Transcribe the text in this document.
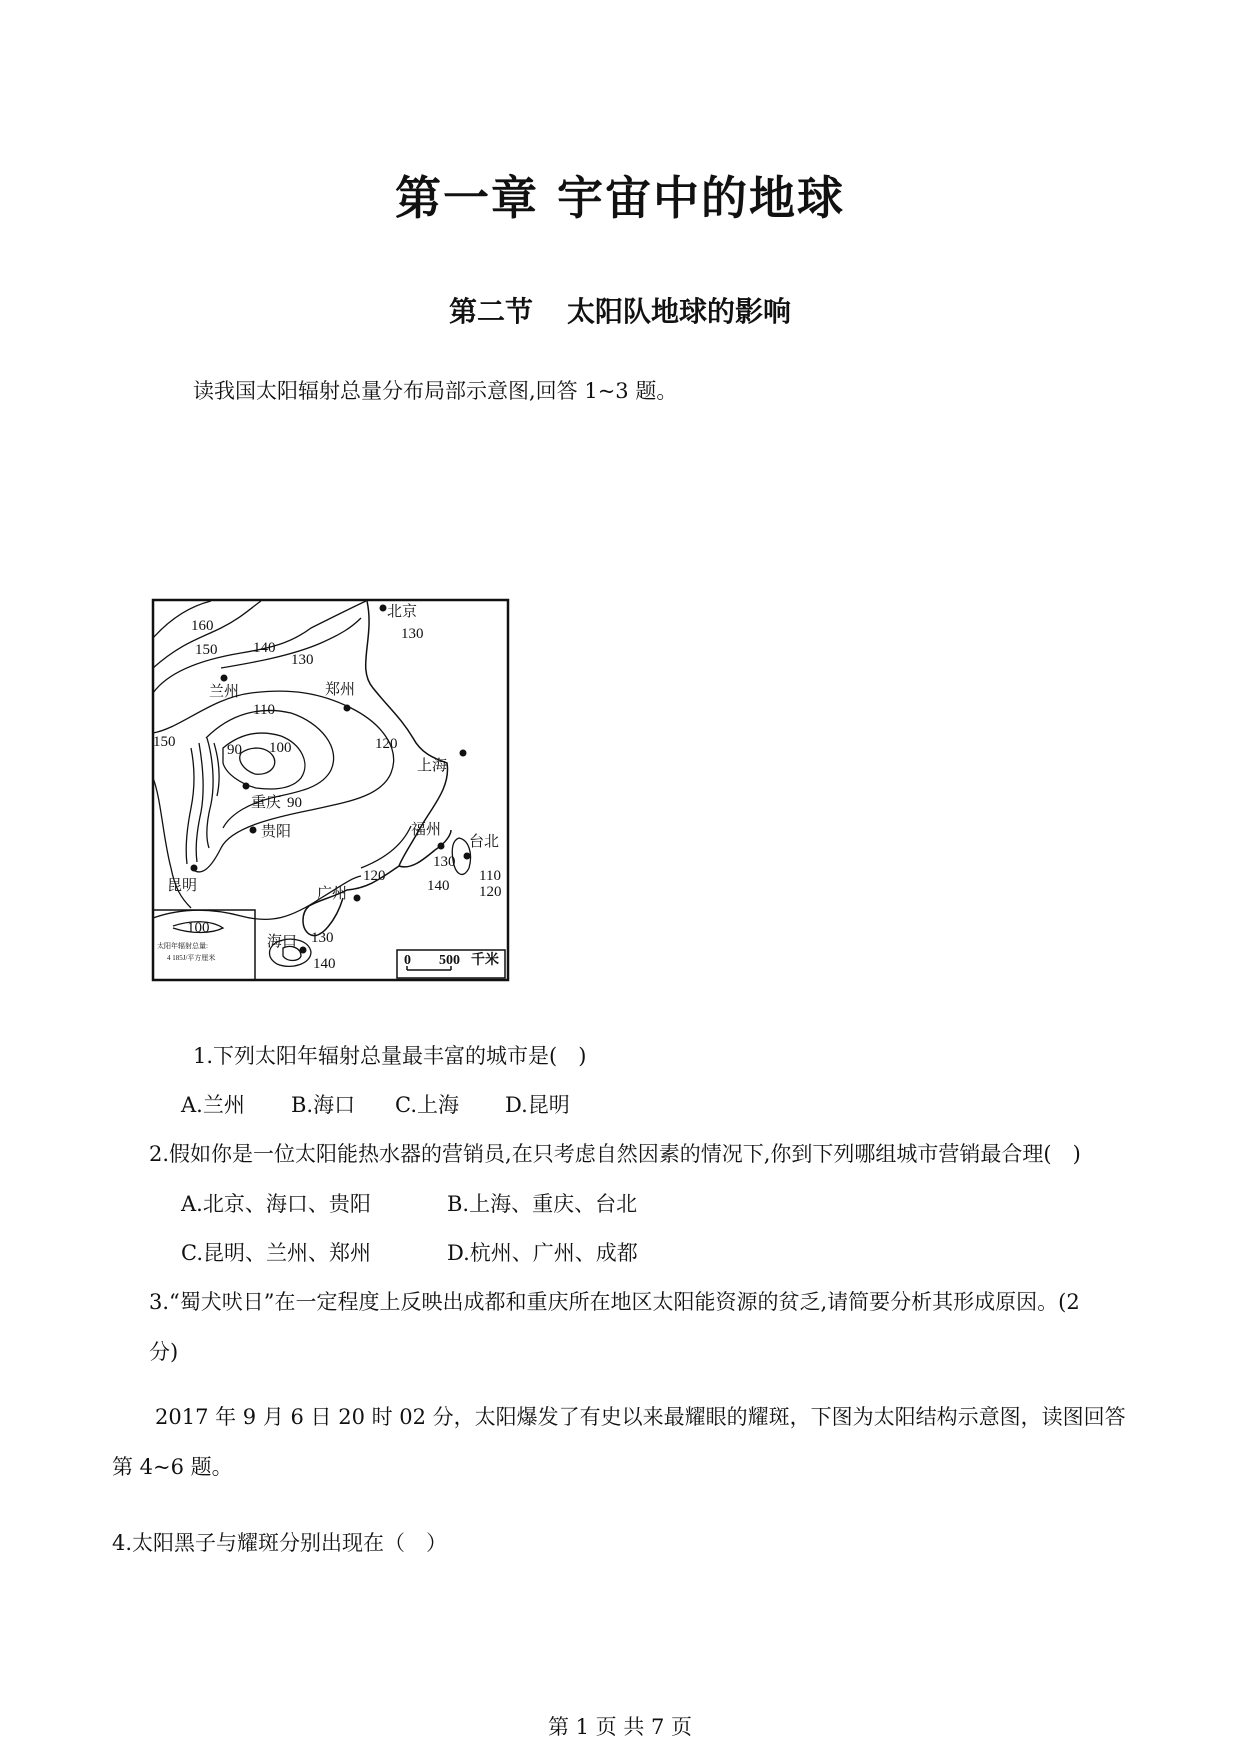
第一章 宇宙中的地球
第二节 太阳队地球的影响
读我国太阳辐射总量分布局部示意图,回答 1~3 题。
北京
兰州	郑州
上海
重庆
贵阳	福州
台北
昆明	广州
海口
160
150 140
130
130
110
100	120
150	90
90
130
110
120
140
120
130
140
100
太阳年辐射总量:
4 185J/平方厘米	0 500 千米
1.下列太阳年辐射总量最丰富的城市是(　)
A.兰州 B.海口 C.上海 D.昆明
2.假如你是一位太阳能热水器的营销员,在只考虑自然因素的情况下,你到下列哪组城市营销最合理(　)
A.北京、海口、贵阳	B.上海、重庆、台北
C.昆明、兰州、郑州	D.杭州、广州、成都
3.“蜀犬吠日”在一定程度上反映出成都和重庆所在地区太阳能资源的贫乏,请简要分析其形成原因。(2
分)
2017 年 9 月 6 日 20 时 02 分，太阳爆发了有史以来最耀眼的耀斑，下图为太阳结构示意图，读图回答
第 4~6 题。
4.太阳黑子与耀斑分别出现在（　）
第 1 页 共 7 页
